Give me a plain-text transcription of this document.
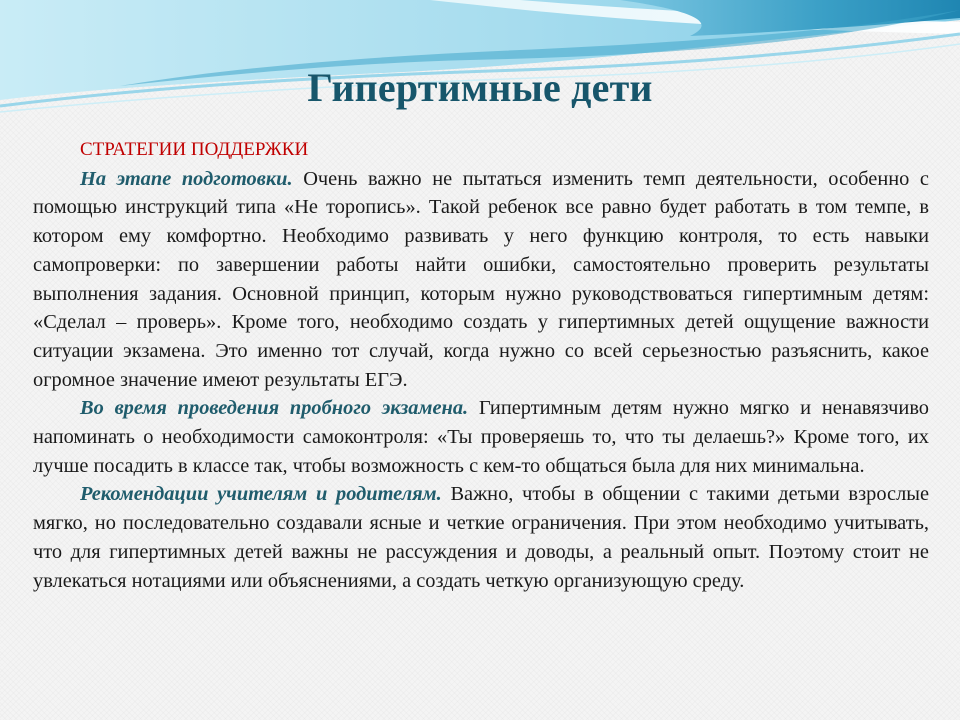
Гипертимные дети

СТРАТЕГИИ ПОДДЕРЖКИ

На этапе подготовки. Очень важно не пытаться изменить темп деятельности, особенно с помощью инструкций типа «Не торопись». Такой ребенок все равно будет работать в том темпе, в котором ему комфортно. Необходимо развивать у него функцию контроля, то есть навыки самопроверки: по завершении работы найти ошибки, самостоятельно проверить результаты выполнения задания. Основной принцип, которым нужно руководствоваться гипертимным детям: «Сделал – проверь». Кроме того, необходимо создать у гипертимных детей ощущение важности ситуации экзамена. Это именно тот случай, когда нужно со всей серьезностью разъяснить, какое огромное значение имеют результаты ЕГЭ.

Во время проведения пробного экзамена. Гипертимным детям нужно мягко и ненавязчиво напоминать о необходимости самоконтроля: «Ты проверяешь то, что ты делаешь?» Кроме того, их лучше посадить в классе так, чтобы возможность с кем-то общаться была для них минимальна.

Рекомендации учителям и родителям. Важно, чтобы в общении с такими детьми взрослые мягко, но последовательно создавали ясные и четкие ограничения. При этом необходимо учитывать, что для гипертимных детей важны не рассуждения и доводы, а реальный опыт. Поэтому стоит не увлекаться нотациями или объяснениями, а создать четкую организующую среду.
